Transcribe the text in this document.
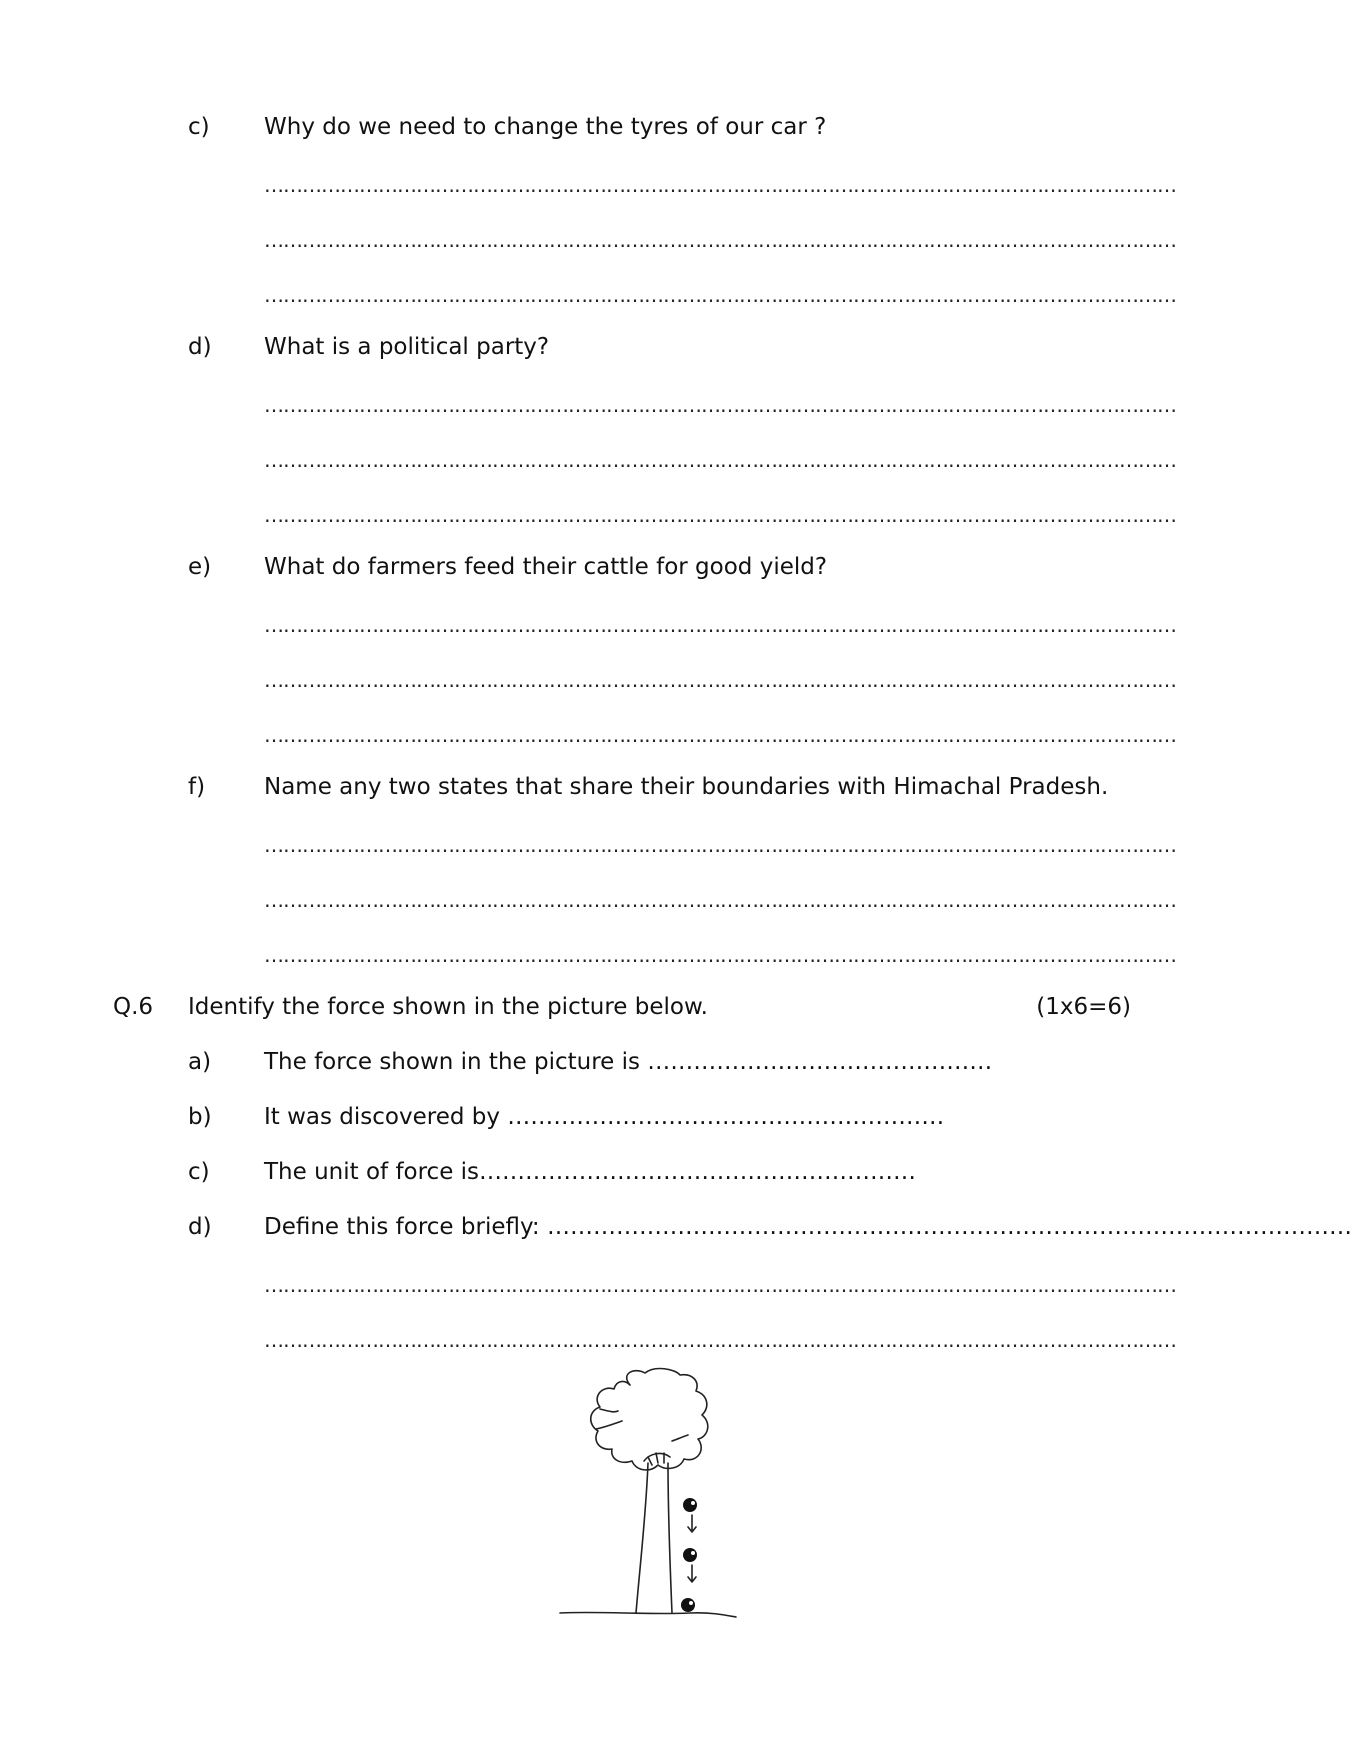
c) Why do we need to change the tyres of our car ?
………………………………………………………………………………………………………………………………
………………………………………………………………………………………………………………………………
………………………………………………………………………………………………………………………………
d) What is a political party?
………………………………………………………………………………………………………………………………
………………………………………………………………………………………………………………………………
………………………………………………………………………………………………………………………………
e) What do farmers feed their cattle for good yield?
………………………………………………………………………………………………………………………………
………………………………………………………………………………………………………………………………
………………………………………………………………………………………………………………………………
f)	Name any two states that share their boundaries with Himachal Pradesh.
………………………………………………………………………………………………………………………………
………………………………………………………………………………………………………………………………
………………………………………………………………………………………………………………………………
Q.6 Identify the force shown in the picture below.	(1x6=6)
a) The force shown in the picture is ………………………………………
b) It was discovered by …………………………………………………
c) The unit of force is…………………………………………………
d) Define this force briefly: ……………………………………………………………………………………………
………………………………………………………………………………………………………………………………
………………………………………………………………………………………………………………………………
